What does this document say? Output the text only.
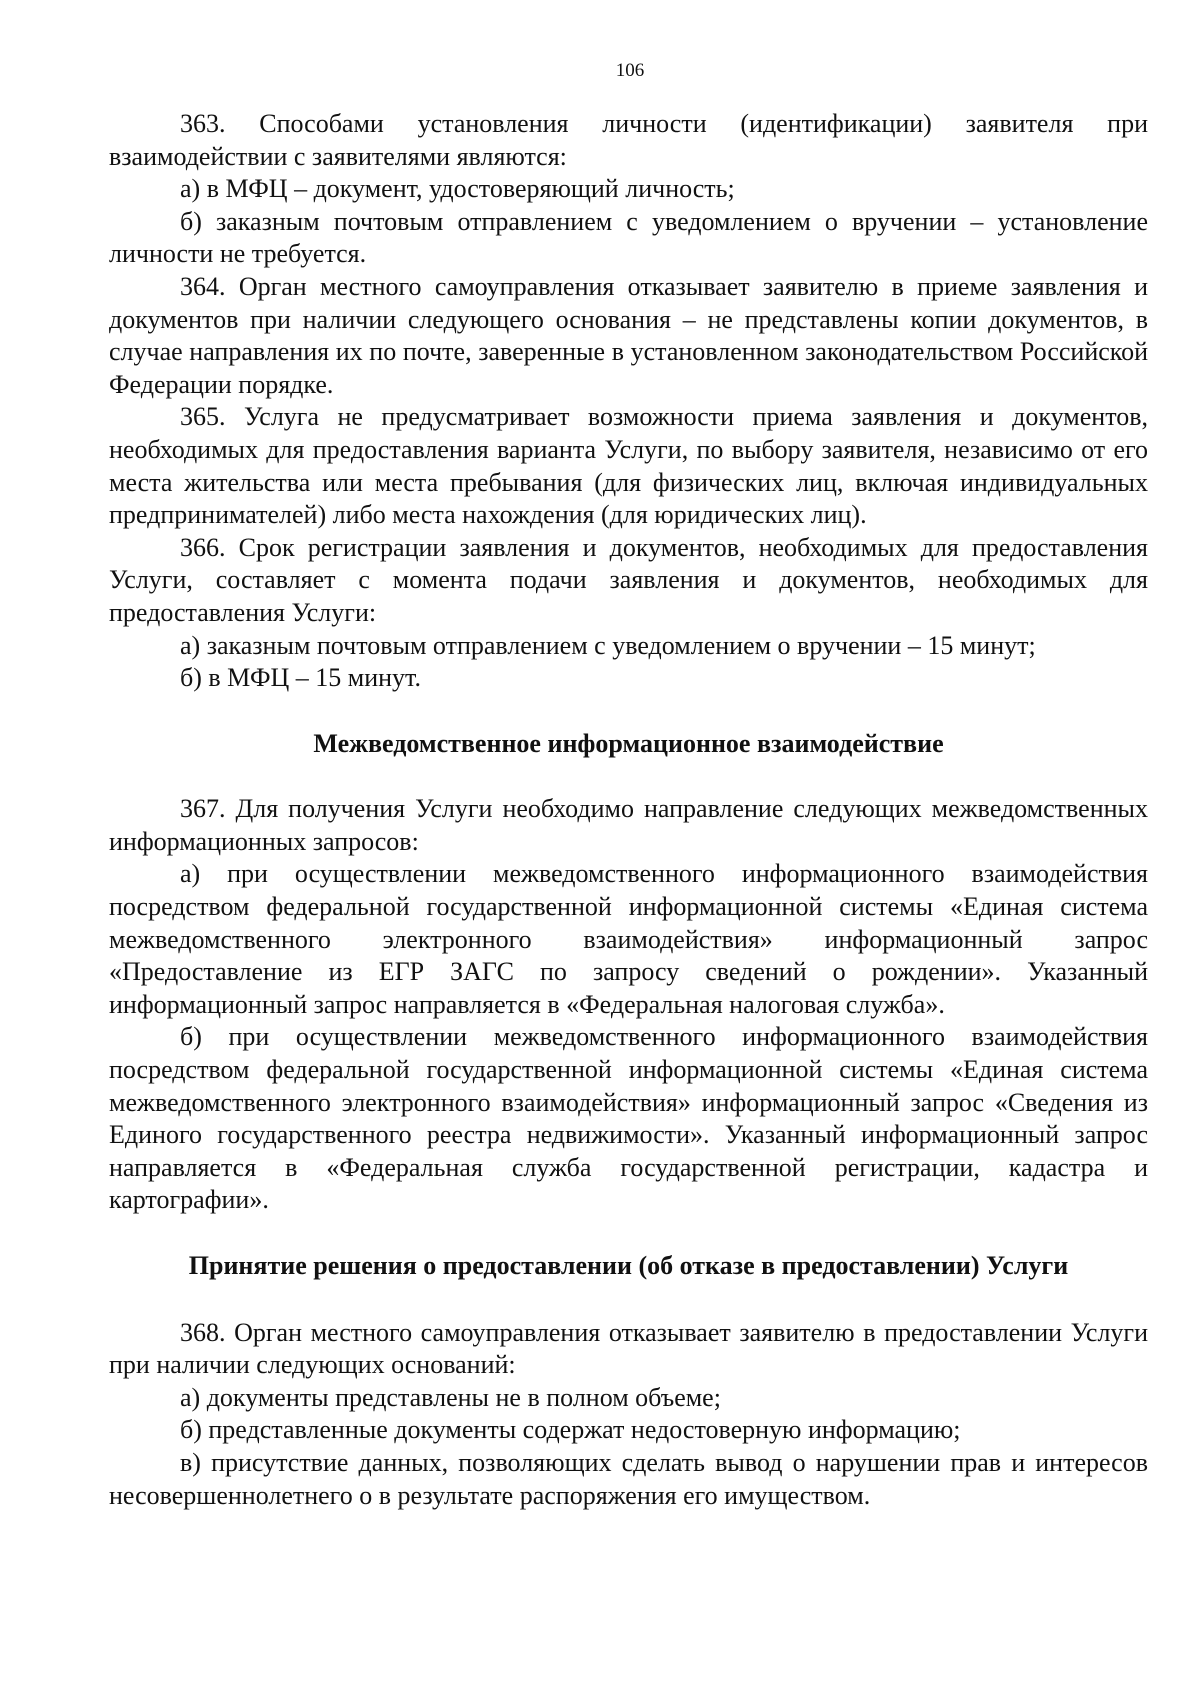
106

363. Способами установления личности (идентификации) заявителя при взаимодействии с заявителями являются:

а) в МФЦ – документ, удостоверяющий личность;

б) заказным почтовым отправлением с уведомлением о вручении – установление личности не требуется.

364. Орган местного самоуправления отказывает заявителю в приеме заявления и документов при наличии следующего основания – не представлены копии документов, в случае направления их по почте, заверенные в установленном законодательством Российской Федерации порядке.

365. Услуга не предусматривает возможности приема заявления и документов, необходимых для предоставления варианта Услуги, по выбору заявителя, независимо от его места жительства или места пребывания (для физических лиц, включая индивидуальных предпринимателей) либо места нахождения (для юридических лиц).

366. Срок регистрации заявления и документов, необходимых для предоставления Услуги, составляет с момента подачи заявления и документов, необходимых для предоставления Услуги:

а) заказным почтовым отправлением с уведомлением о вручении – 15 минут;

б) в МФЦ – 15 минут.

Межведомственное информационное взаимодействие

367. Для получения Услуги необходимо направление следующих межведомственных информационных запросов:

а) при осуществлении межведомственного информационного взаимодействия посредством федеральной государственной информационной системы «Единая система межведомственного электронного взаимодействия» информационный запрос «Предоставление из ЕГР ЗАГС по запросу сведений о рождении». Указанный информационный запрос направляется в «Федеральная налоговая служба».

б) при осуществлении межведомственного информационного взаимодействия посредством федеральной государственной информационной системы «Единая система межведомственного электронного взаимодействия» информационный запрос «Сведения из Единого государственного реестра недвижимости». Указанный информационный запрос направляется в «Федеральная служба государственной регистрации, кадастра и картографии».

Принятие решения о предоставлении (об отказе в предоставлении) Услуги

368. Орган местного самоуправления отказывает заявителю в предоставлении Услуги при наличии следующих оснований:

а) документы представлены не в полном объеме;

б) представленные документы содержат недостоверную информацию;

в) присутствие данных, позволяющих сделать вывод о нарушении прав и интересов несовершеннолетнего о в результате распоряжения его имуществом.
